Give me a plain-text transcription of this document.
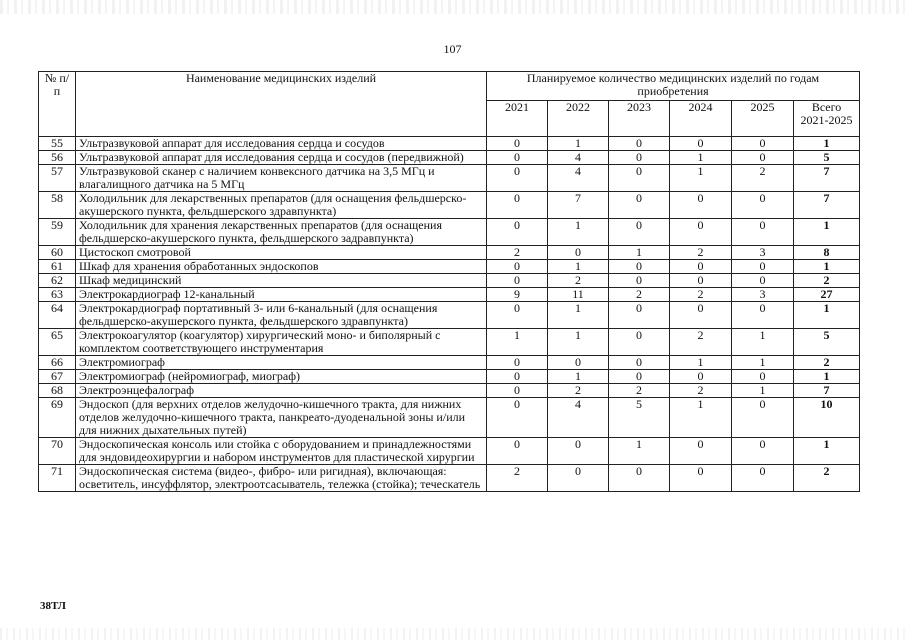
107
№ п/п	Наименование медицинских изделий	Планируемое количество медицинских изделий по годам приобретения					
		2021	2022	2023	2024	2025	Всего 2021-2025
55	Ультразвуковой аппарат для исследования сердца и сосудов	0	1	0	0	0	1
56	Ультразвуковой аппарат для исследования сердца и сосудов (передвижной)	0	4	0	1	0	5
57	Ультразвуковой сканер с наличием конвексного датчика на 3,5 МГц и влагалищного датчика на 5 МГц	0	4	0	1	2	7
58	Холодильник для лекарственных препаратов (для оснащения фельдшерско-акушерского пункта, фельдшерского здравпункта)	0	7	0	0	0	7
59	Холодильник для хранения лекарственных препаратов (для оснащения фельдшерско-акушерского пункта, фельдшерского задравпункта)	0	1	0	0	0	1
60	Цистоскоп смотровой	2	0	1	2	3	8
61	Шкаф для хранения обработанных эндоскопов	0	1	0	0	0	1
62	Шкаф медицинский	0	2	0	0	0	2
63	Электрокардиограф 12-канальный	9	11	2	2	3	27
64	Электрокардиограф портативный 3- или 6-канальный (для оснащения фельдшерско-акушерского пункта, фельдшерского здравпункта)	0	1	0	0	0	1
65	Электрокоагулятор (коагулятор) хирургический моно- и биполярный с комплектом соответствующего инструментария	1	1	0	2	1	5
66	Электромиограф	0	0	0	1	1	2
67	Электромиограф (нейромиограф, миограф)	0	1	0	0	0	1
68	Электроэнцефалограф	0	2	2	2	1	7
69	Эндоскоп (для верхних отделов желудочно-кишечного тракта, для нижних отделов желудочно-кишечного тракта, панкреато-дуоденальной зоны и/или для нижних дыхательных путей)	0	4	5	1	0	10
70	Эндоскопическая консоль или стойка с оборудованием и принадлежностями для эндовидеохирургии и набором инструментов для пластической хирургии	0	0	1	0	0	1
71	Эндоскопическая система (видео-, фибро- или ригидная), включающая: осветитель, инсуффлятор, электроотсасыватель, тележка (стойка); теческатель	2	0	0	0	0	2
38ТЛ
